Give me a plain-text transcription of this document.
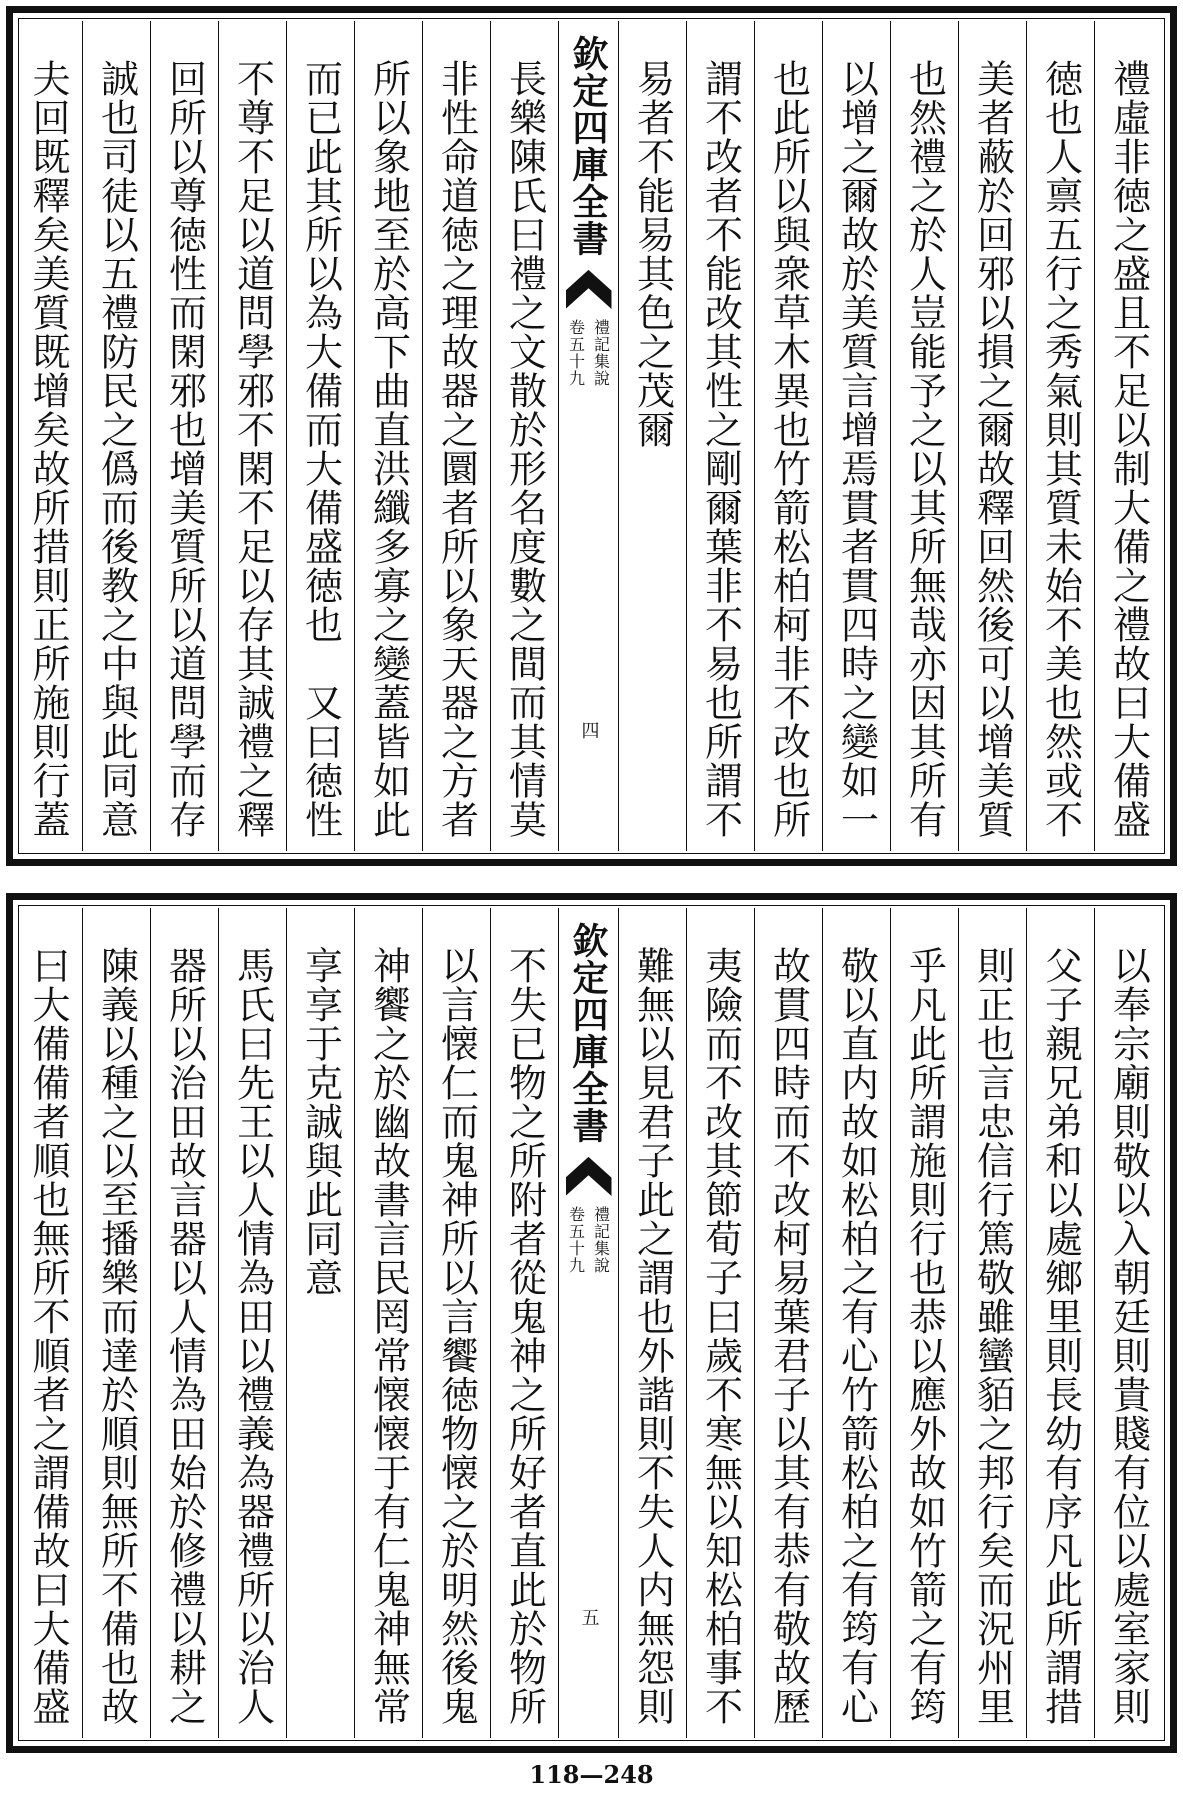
禮虛非徳之盛且不足以制大備之禮故曰大備盛
徳也人禀五行之秀氣則其質未始不美也然或不
美者蔽於回邪以損之爾故釋回然後可以增美質
也然禮之於人豈能予之以其所無哉亦因其所有
以增之爾故於美質言增焉貫者貫四時之變如一
也此所以與衆草木異也竹箭松柏柯非不改也所
謂不改者不能改其性之剛爾葉非不易也所謂不
易者不能易其色之茂爾
欽定四庫全書
禮記集說
卷五十九
四
長樂陳氏曰禮之文散於形名度數之間而其情莫
非性命道徳之理故器之圜者所以象天器之方者
所以象地至於高下曲直洪纖多寡之變蓋皆如此
而已此其所以為大備而大備盛徳也　又曰徳性
不尊不足以道問學邪不閑不足以存其誠禮之釋
回所以尊徳性而閑邪也增美質所以道問學而存
誠也司徒以五禮防民之僞而後教之中與此同意
夫回既釋矣美質既增矣故所措則正所施則行蓋
以奉宗廟則敬以入朝廷則貴賤有位以處室家則
父子親兄弟和以處鄉里則長幼有序凡此所謂措
則正也言忠信行篤敬雖蠻貊之邦行矣而況州里
乎凡此所謂施則行也恭以應外故如竹箭之有筠
敬以直内故如松柏之有心竹箭松柏之有筠有心
故貫四時而不改柯易葉君子以其有恭有敬故歷
夷險而不改其節荀子曰歲不寒無以知松柏事不
難無以見君子此之謂也外諧則不失人内無怨則
欽定四庫全書
禮記集說
卷五十九
五
不失已物之所附者從鬼神之所好者直此於物所
以言懐仁而鬼神所以言饗徳物懐之於明然後鬼
神饗之於幽故書言民罔常懐懐于有仁鬼神無常
享享于克誠與此同意
馬氏曰先王以人情為田以禮義為器禮所以治人
器所以治田故言器以人情為田始於修禮以耕之
陳義以種之以至播樂而達於順則無所不備也故
曰大備備者順也無所不順者之謂備故曰大備盛
118—248
